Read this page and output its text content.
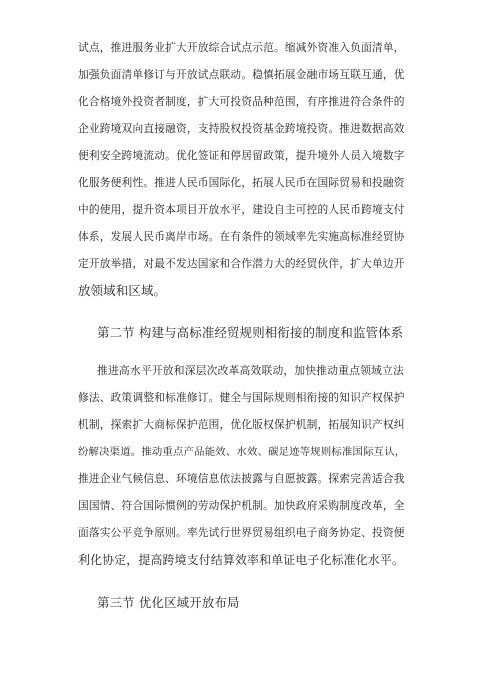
试点，推进服务业扩大开放综合试点示范。缩减外资准入负面清单，
加强负面清单修订与开放试点联动。稳慎拓展金融市场互联互通，优
化合格境外投资者制度，扩大可投资品种范围，有序推进符合条件的
企业跨境双向直接融资，支持股权投资基金跨境投资。推进数据高效
便利安全跨境流动。优化签证和停居留政策，提升境外人员入境数字
化服务便利性。推进人民币国际化，拓展人民币在国际贸易和投融资
中的使用，提升资本项目开放水平，建设自主可控的人民币跨境支付
体系，发展人民币离岸市场。在有条件的领域率先实施高标准经贸协
定开放举措，对最不发达国家和合作潜力大的经贸伙伴，扩大单边开
放领域和区域。
第二节 构建与高标准经贸规则相衔接的制度和监管体系
推进高水平开放和深层次改革高效联动，加快推动重点领域立法
修法、政策调整和标准修订。健全与国际规则相衔接的知识产权保护
机制，探索扩大商标保护范围，优化版权保护机制，拓展知识产权纠
纷解决渠道。推动重点产品能效、水效、碳足迹等规则标准国际互认，
推进企业气候信息、环境信息依法披露与自愿披露。探索完善适合我
国国情、符合国际惯例的劳动保护机制。加快政府采购制度改革，全
面落实公平竞争原则。率先试行世界贸易组织电子商务协定、投资便
利化协定，提高跨境支付结算效率和单证电子化标准化水平。
第三节 优化区域开放布局
